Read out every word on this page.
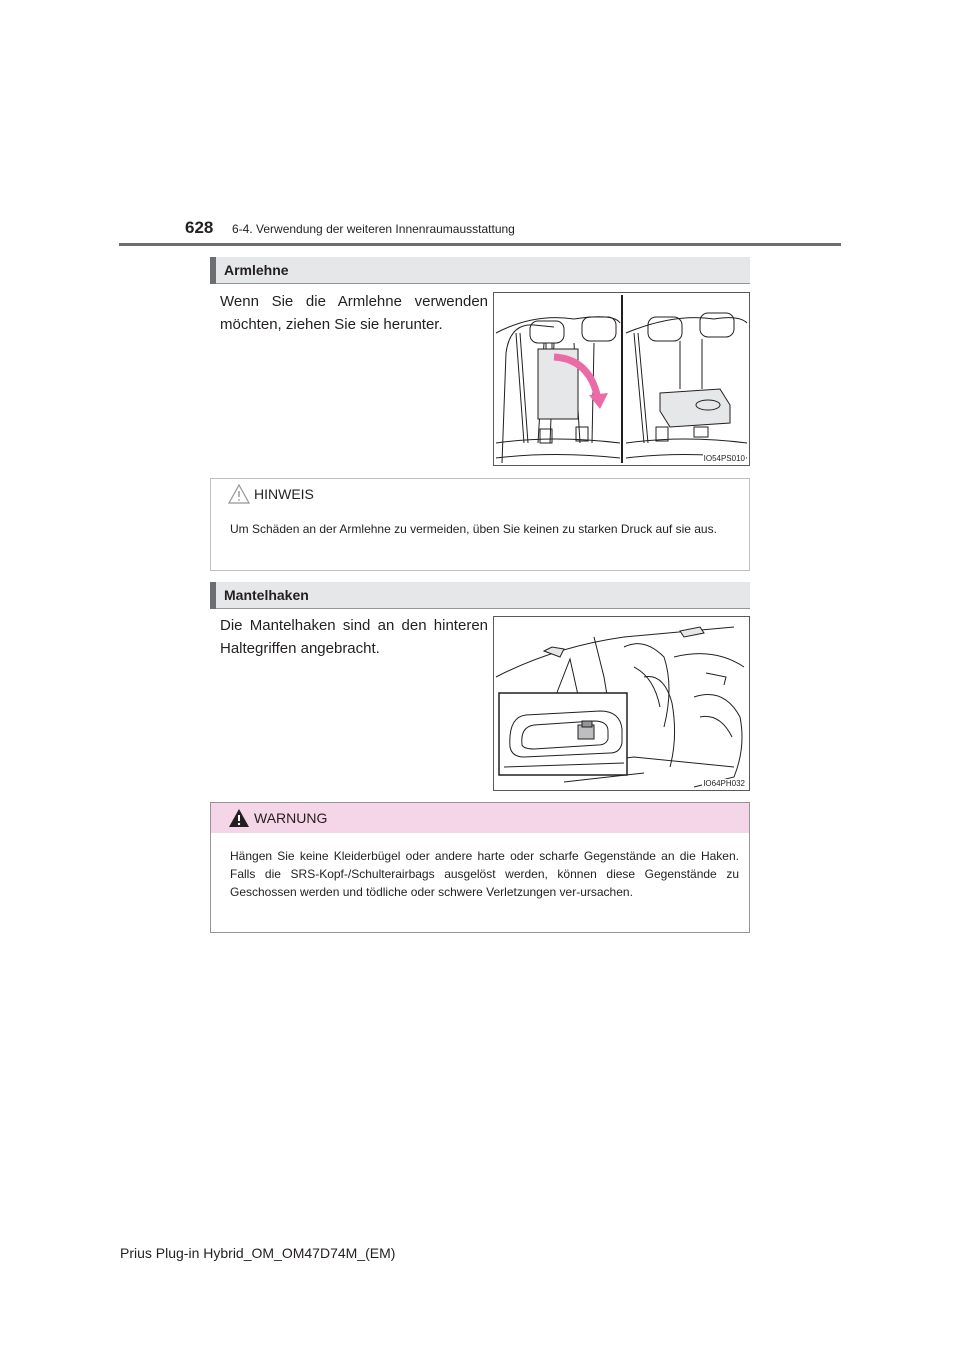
628 6-4. Verwendung der weiteren Innenraumausstattung
Armlehne
Wenn Sie die Armlehne verwenden möchten, ziehen Sie sie herunter.
IO54PS010
HINWEIS
Um Schäden an der Armlehne zu vermeiden, üben Sie keinen zu starken Druck auf sie aus.
Mantelhaken
Die Mantelhaken sind an den hinteren Haltegriffen angebracht.
IO64PH032
WARNUNG
Hängen Sie keine Kleiderbügel oder andere harte oder scharfe Gegenstände an die Haken. Falls die SRS-Kopf-/Schulterairbags ausgelöst werden, können diese Gegenstände zu Geschossen werden und tödliche oder schwere Verletzungen ver-ursachen.
Prius Plug-in Hybrid_OM_OM47D74M_(EM)
